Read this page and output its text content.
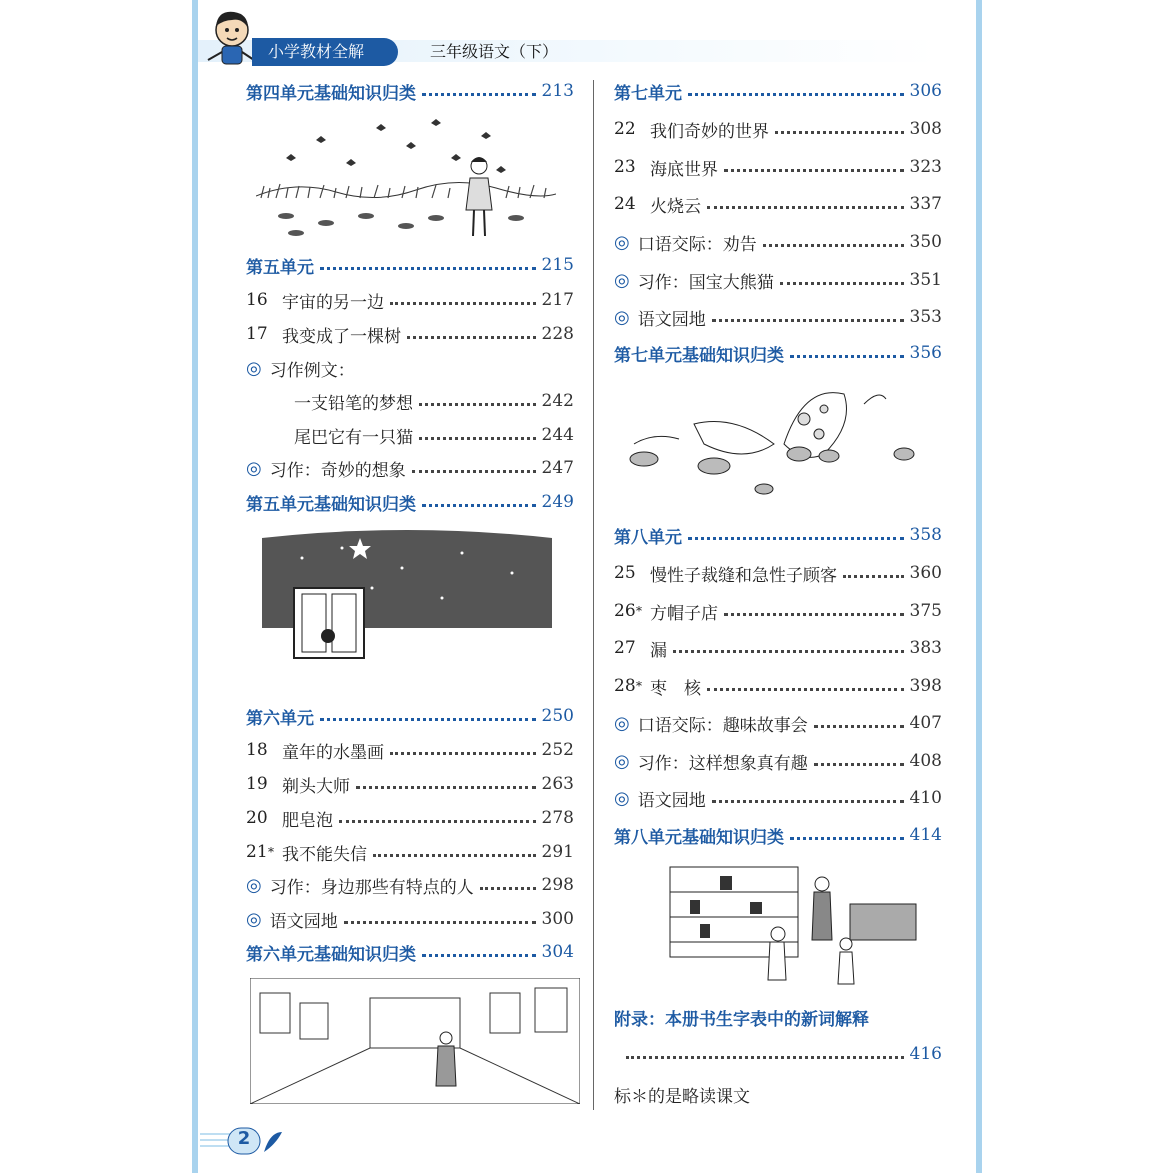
小学教材全解	三年级语文（下）
第四单元基础知识归类	213
第五单元	215
16 宇宙的另一边	217
17 我变成了一棵树	228
◎ 习作例文：
一支铅笔的梦想	242
尾巴它有一只猫	244
◎ 习作：奇妙的想象	247
第五单元基础知识归类	249
第六单元	250
18 童年的水墨画	252
19 剃头大师	263
20 肥皂泡	278
21 * 我不能失信	291
◎ 习作：身边那些有特点的人	298
◎ 语文园地	300
第六单元基础知识归类	304
第七单元	306
22 我们奇妙的世界	308
23 海底世界	323
24 火烧云	337
◎ 口语交际：劝告	350
◎ 习作：国宝大熊猫	351
◎ 语文园地	353
第七单元基础知识归类	356
第八单元	358
25 慢性子裁缝和急性子顾客	360
26 * 方帽子店	375
27 漏	383
28 * 枣　核	398
◎ 口语交际：趣味故事会	407
◎ 习作：这样想象真有趣	408
◎ 语文园地	410
第八单元基础知识归类	414
附录：本册书生字表中的新词解释
416
标＊的是略读课文
2
